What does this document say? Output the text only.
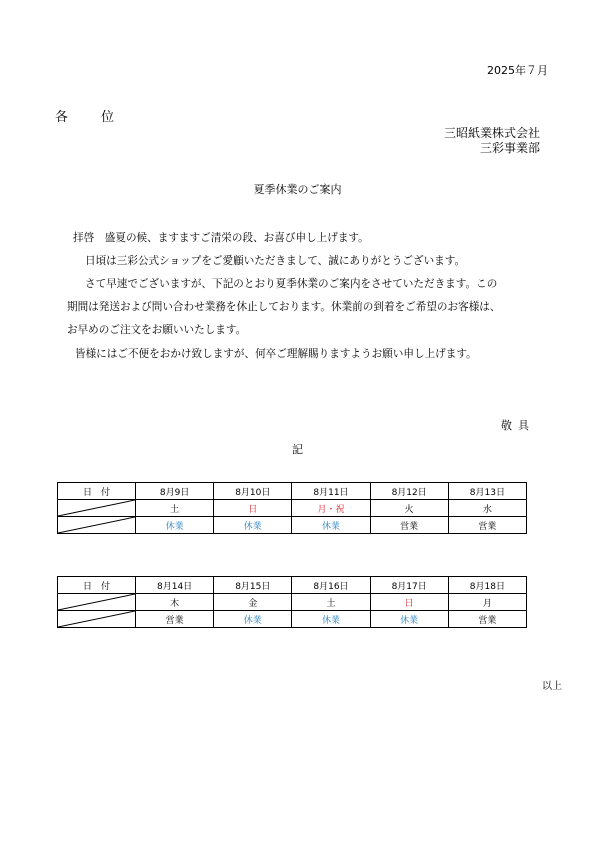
2025年７月
各　位
三昭紙業株式会社
三彩事業部
夏季休業のご案内
拝啓　盛夏の候、ますますご清栄の段、お喜び申し上げます。
日頃は三彩公式ショップをご愛顧いただきまして、誠にありがとうございます。
さて早速でございますが、下記のとおり夏季休業のご案内をさせていただきます。この
期間は発送および問い合わせ業務を休止しております。休業前の到着をご希望のお客様は、
お早めのご注文をお願いいたします。
皆様にはご不便をおかけ致しますが、何卒ご理解賜りますようお願い申し上げます。
敬具
記
日　付	8月9日	8月10日	8月11日	8月12日	8月13日

	土	日	月・祝	火	水

	休業	休業	休業	営業	営業
日　付	8月14日	8月15日	8月16日	8月17日	8月18日

	木	金	土	日	月

	営業	休業	休業	休業	営業
以上
